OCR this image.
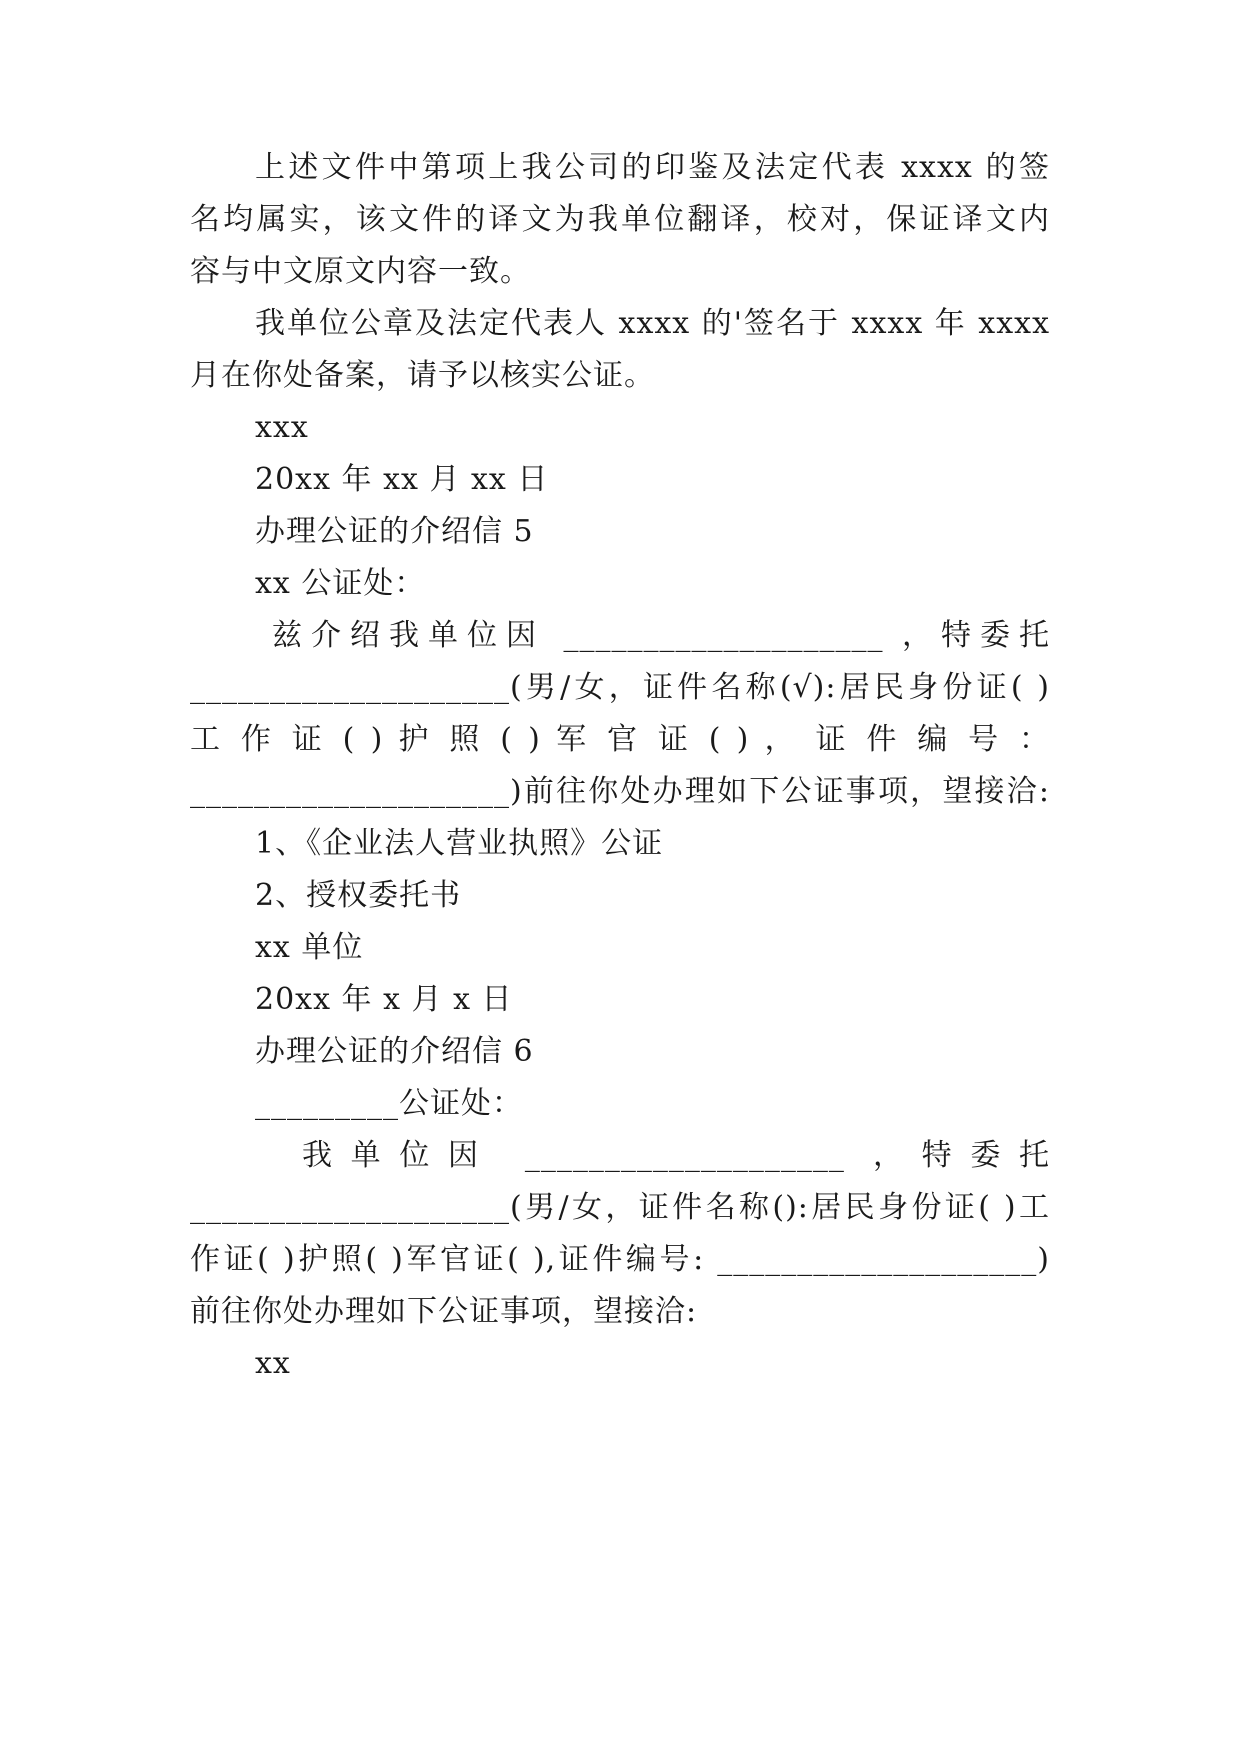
上述文件中第项上我公司的印鉴及法定代表 xxxx 的签
名均属实，该文件的译文为我单位翻译，校对，保证译文内
容与中文原文内容一致。
我单位公章及法定代表人 xxxx 的'签名于 xxxx 年 xxxx
月在你处备案，请予以核实公证。
xxx
20xx 年 xx 月 xx 日
办理公证的介绍信 5
xx 公证处：
兹介绍我单位因 ____________________ ，特委托
____________________(男/女，证件名称(√):居民身份证( )
工 作 证 ( ) 护 照 ( ) 军 官 证 ( ) ， 证 件 编 号 ：
____________________)前往你处办理如下公证事项，望接洽:
1、《企业法人营业执照》公证
2、授权委托书
xx 单位
20xx 年 x 月 x 日
办理公证的介绍信 6
_________公证处：
我单位因 ____________________ ，特委托
____________________(男/女，证件名称():居民身份证( )工
作证( )护照( )军官证( ),证件编号: ____________________)
前往你处办理如下公证事项，望接洽:
xx
